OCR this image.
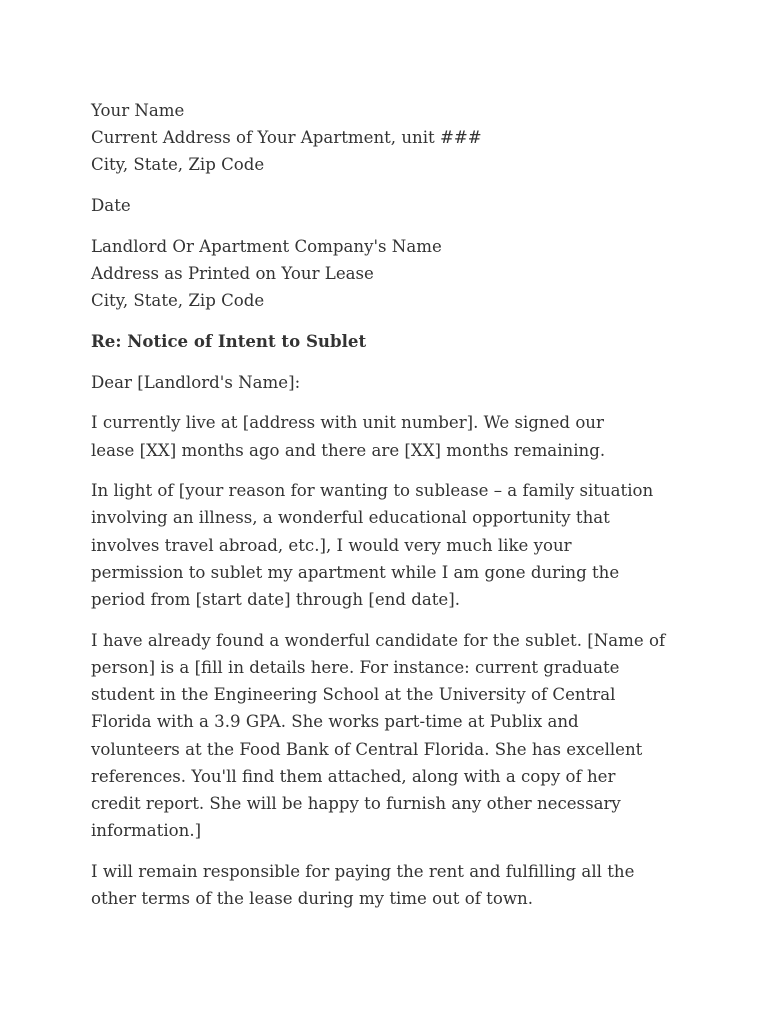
Your Name
Current Address of Your Apartment, unit ###
City, State, Zip Code
Date
Landlord Or Apartment Company's Name
Address as Printed on Your Lease
City, State, Zip Code
Re: Notice of Intent to Sublet
Dear [Landlord's Name]:
I currently live at [address with unit number]. We signed our
lease [XX] months ago and there are [XX] months remaining.
In light of [your reason for wanting to sublease – a family situation
involving an illness, a wonderful educational opportunity that
involves travel abroad, etc.], I would very much like your
permission to sublet my apartment while I am gone during the
period from [start date] through [end date].
I have already found a wonderful candidate for the sublet. [Name of
person] is a [fill in details here. For instance: current graduate
student in the Engineering School at the University of Central
Florida with a 3.9 GPA. She works part-time at Publix and
volunteers at the Food Bank of Central Florida. She has excellent
references. You'll find them attached, along with a copy of her
credit report. She will be happy to furnish any other necessary
information.]
I will remain responsible for paying the rent and fulfilling all the
other terms of the lease during my time out of town.
